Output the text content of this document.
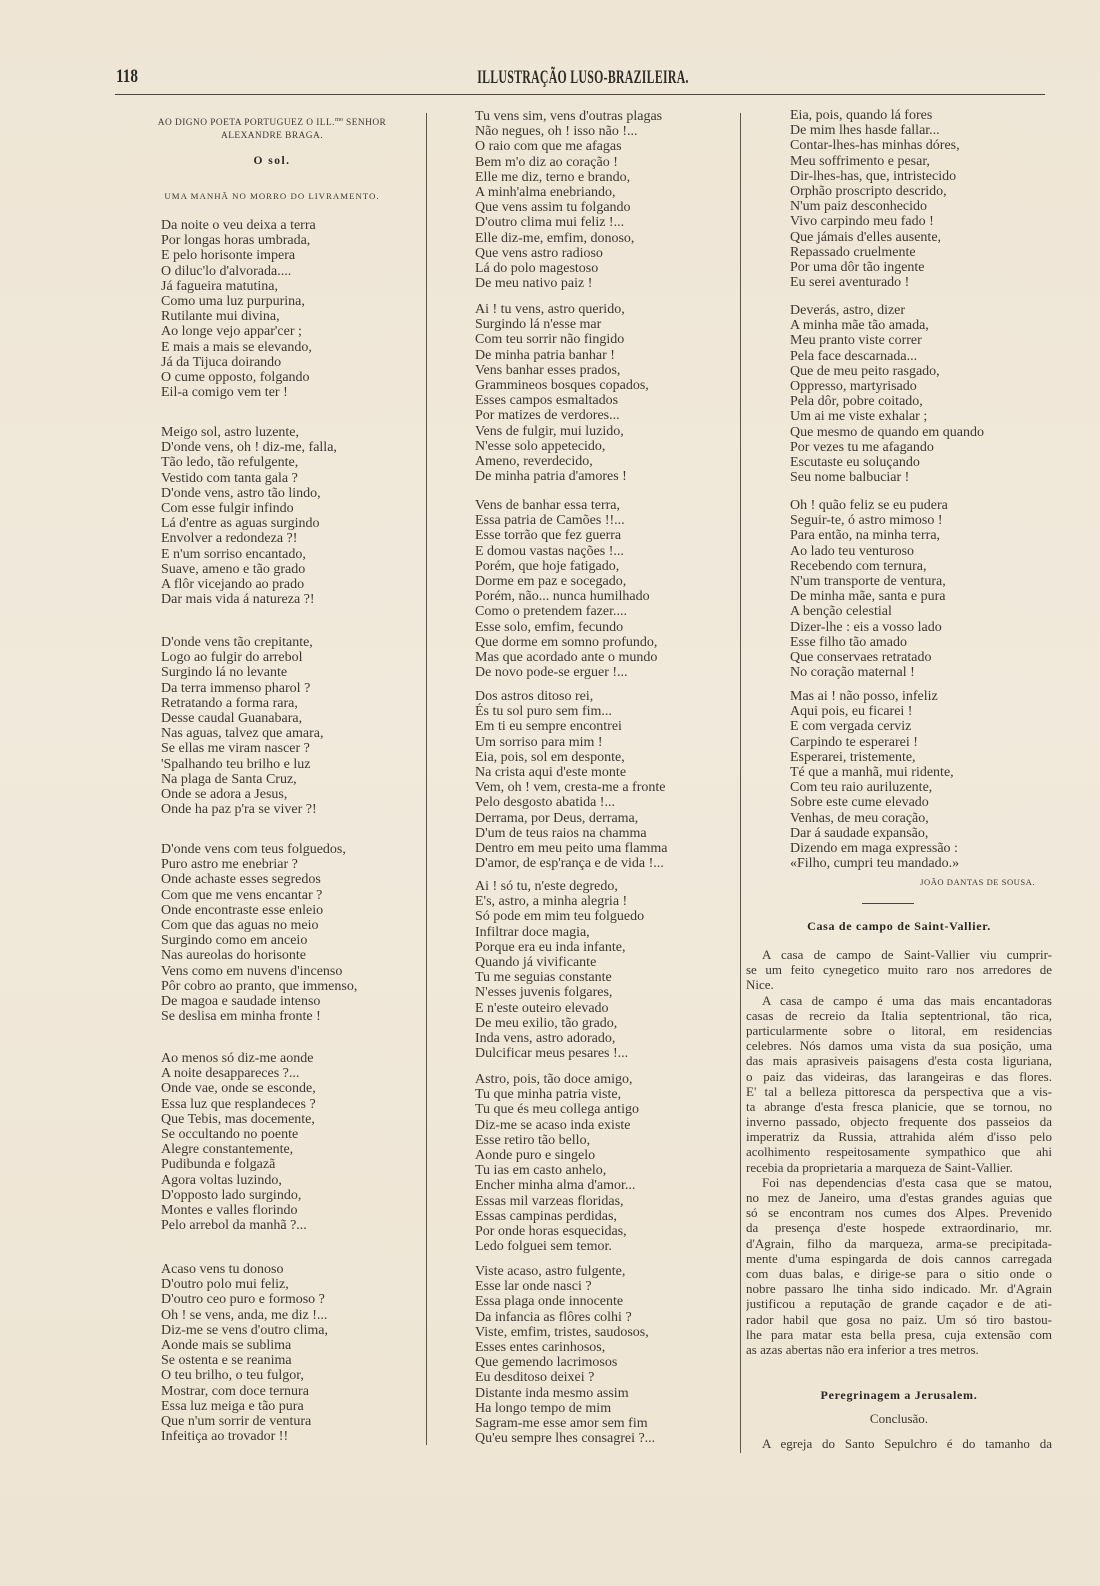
118	ILLUSTRAÇÃO LUSO-BRAZILEIRA.
AO DIGNO POETA PORTUGUEZ O ILL.$^{mo}$ SENHOR
ALEXANDRE BRAGA.
O sol.
UMA MANHÃ NO MORRO DO LIVRAMENTO.
JOÃO DANTAS DE SOUSA.
Casa de campo de Saint-Vallier.
A casa de campo de Saint-Vallier viu cumprir-
se um feito cynegetico muito raro nos arredores de
Nice.
A casa de campo é uma das mais encantadoras
casas de recreio da Italia septentrional, tão rica,
particularmente sobre o litoral, em residencias
celebres. Nós damos uma vista da sua posição, uma
das mais aprasiveis paisagens d'esta costa liguriana,
o paiz das videiras, das larangeiras e das flores.
E' tal a belleza pittoresca da perspectiva que a vis-
ta abrange d'esta fresca planicie, que se tornou, no
inverno passado, objecto frequente dos passeios da
imperatriz da Russia, attrahida além d'isso pelo
acolhimento respeitosamente sympathico que ahi
recebia da proprietaria a marqueza de Saint-Vallier.
Foi nas dependencias d'esta casa que se matou,
no mez de Janeiro, uma d'estas grandes aguias que
só se encontram nos cumes dos Alpes. Prevenido
da presença d'este hospede extraordinario, mr.
d'Agrain, filho da marqueza, arma-se precipitada-
mente d'uma espingarda de dois cannos carregada
com duas balas, e dirige-se para o sitio onde o
nobre passaro lhe tinha sido indicado. Mr. d'Agrain
justificou a reputação de grande caçador e de ati-
rador habil que gosa no paiz. Um só tiro bastou-
lhe para matar esta bella presa, cuja extensão com
as azas abertas não era inferior a tres metros.
Peregrinagem a Jerusalem.
Conclusão.
A egreja do Santo Sepulchro é do tamanho da
Da noite o veu deixa a terra
Por longas horas umbrada,
E pelo horisonte impera
O diluc'lo d'alvorada....
Já fagueira matutina,
Como uma luz purpurina,
Rutilante mui divina,
Ao longe vejo appar'cer ;
E mais a mais se elevando,
Já da Tijuca doirando
O cume opposto, folgando
Eil-a comigo vem ter !
Meigo sol, astro luzente,
D'onde vens, oh ! diz-me, falla,
Tão ledo, tão refulgente,
Vestido com tanta gala ?
D'onde vens, astro tão lindo,
Com esse fulgir infindo
Lá d'entre as aguas surgindo
Envolver a redondeza ?!
E n'um sorriso encantado,
Suave, ameno e tão grado
A flôr vicejando ao prado
Dar mais vida á natureza ?!
D'onde vens tão crepitante,
Logo ao fulgir do arrebol
Surgindo lá no levante
Da terra immenso pharol ?
Retratando a forma rara,
Desse caudal Guanabara,
Nas aguas, talvez que amara,
Se ellas me viram nascer ?
'Spalhando teu brilho e luz
Na plaga de Santa Cruz,
Onde se adora a Jesus,
Onde ha paz p'ra se viver ?!
D'onde vens com teus folguedos,
Puro astro me enebriar ?
Onde achaste esses segredos
Com que me vens encantar ?
Onde encontraste esse enleio
Com que das aguas no meio
Surgindo como em anceio
Nas aureolas do horisonte
Vens como em nuvens d'incenso
Pôr cobro ao pranto, que immenso,
De magoa e saudade intenso
Se deslisa em minha fronte !
Ao menos só diz-me aonde
A noite desappareces ?...
Onde vae, onde se esconde,
Essa luz que resplandeces ?
Que Tebis, mas docemente,
Se occultando no poente
Alegre constantemente,
Pudibunda e folgazã
Agora voltas luzindo,
D'opposto lado surgindo,
Montes e valles florindo
Pelo arrebol da manhã ?...
Acaso vens tu donoso
D'outro polo mui feliz,
D'outro ceo puro e formoso ?
Oh ! se vens, anda, me diz !...
Diz-me se vens d'outro clima,
Aonde mais se sublima
Se ostenta e se reanima
O teu brilho, o teu fulgor,
Mostrar, com doce ternura
Essa luz meiga e tão pura
Que n'um sorrir de ventura
Infeitiça ao trovador !!
Tu vens sim, vens d'outras plagas
Não negues, oh ! isso não !...
O raio com que me afagas
Bem m'o diz ao coração !
Elle me diz, terno e brando,
A minh'alma enebriando,
Que vens assim tu folgando
D'outro clima mui feliz !...
Elle diz-me, emfim, donoso,
Que vens astro radioso
Lá do polo magestoso
De meu nativo paiz !
Ai ! tu vens, astro querido,
Surgindo lá n'esse mar
Com teu sorrir não fingido
De minha patria banhar !
Vens banhar esses prados,
Grammineos bosques copados,
Esses campos esmaltados
Por matizes de verdores...
Vens de fulgir, mui luzido,
N'esse solo appetecido,
Ameno, reverdecido,
De minha patria d'amores !
Vens de banhar essa terra,
Essa patria de Camões !!...
Esse torrão que fez guerra
E domou vastas nações !...
Porém, que hoje fatigado,
Dorme em paz e socegado,
Porém, não... nunca humilhado
Como o pretendem fazer....
Esse solo, emfim, fecundo
Que dorme em somno profundo,
Mas que acordado ante o mundo
De novo pode-se erguer !...
Dos astros ditoso rei,
És tu sol puro sem fim...
Em ti eu sempre encontrei
Um sorriso para mim !
Eia, pois, sol em desponte,
Na crista aqui d'este monte
Vem, oh ! vem, cresta-me a fronte
Pelo desgosto abatida !...
Derrama, por Deus, derrama,
D'um de teus raios na chamma
Dentro em meu peito uma flamma
D'amor, de esp'rança e de vida !...
Ai ! só tu, n'este degredo,
E's, astro, a minha alegria !
Só pode em mim teu folguedo
Infiltrar doce magia,
Porque era eu inda infante,
Quando já vivificante
Tu me seguias constante
N'esses juvenis folgares,
E n'este outeiro elevado
De meu exilio, tão grado,
Inda vens, astro adorado,
Dulcificar meus pesares !...
Astro, pois, tão doce amigo,
Tu que minha patria viste,
Tu que és meu collega antigo
Diz-me se acaso inda existe
Esse retiro tão bello,
Aonde puro e singelo
Tu ias em casto anhelo,
Encher minha alma d'amor...
Essas mil varzeas floridas,
Essas campinas perdidas,
Por onde horas esquecidas,
Ledo folguei sem temor.
Viste acaso, astro fulgente,
Esse lar onde nasci ?
Essa plaga onde innocente
Da infancia as flôres colhi ?
Viste, emfim, tristes, saudosos,
Esses entes carinhosos,
Que gemendo lacrimosos
Eu desditoso deixei ?
Distante inda mesmo assim
Ha longo tempo de mim
Sagram-me esse amor sem fim
Qu'eu sempre lhes consagrei ?...
Eia, pois, quando lá fores
De mim lhes hasde fallar...
Contar-lhes-has minhas dóres,
Meu soffrimento e pesar,
Dir-lhes-has, que, intristecido
Orphão proscripto descrido,
N'um paiz desconhecido
Vivo carpindo meu fado !
Que jámais d'elles ausente,
Repassado cruelmente
Por uma dôr tão ingente
Eu serei aventurado !
Deverás, astro, dizer
A minha mãe tão amada,
Meu pranto viste correr
Pela face descarnada...
Que de meu peito rasgado,
Oppresso, martyrisado
Pela dôr, pobre coitado,
Um ai me viste exhalar ;
Que mesmo de quando em quando
Por vezes tu me afagando
Escutaste eu soluçando
Seu nome balbuciar !
Oh ! quão feliz se eu pudera
Seguir-te, ó astro mimoso !
Para então, na minha terra,
Ao lado teu venturoso
Recebendo com ternura,
N'um transporte de ventura,
De minha mãe, santa e pura
A benção celestial
Dizer-lhe : eis a vosso lado
Esse filho tão amado
Que conservaes retratado
No coração maternal !
Mas ai ! não posso, infeliz
Aqui pois, eu ficarei !
E com vergada cerviz
Carpindo te esperarei !
Esperarei, tristemente,
Té que a manhã, mui ridente,
Com teu raio auriluzente,
Sobre este cume elevado
Venhas, de meu coração,
Dar á saudade expansão,
Dizendo em maga expressão :
«Filho, cumpri teu mandado.»
